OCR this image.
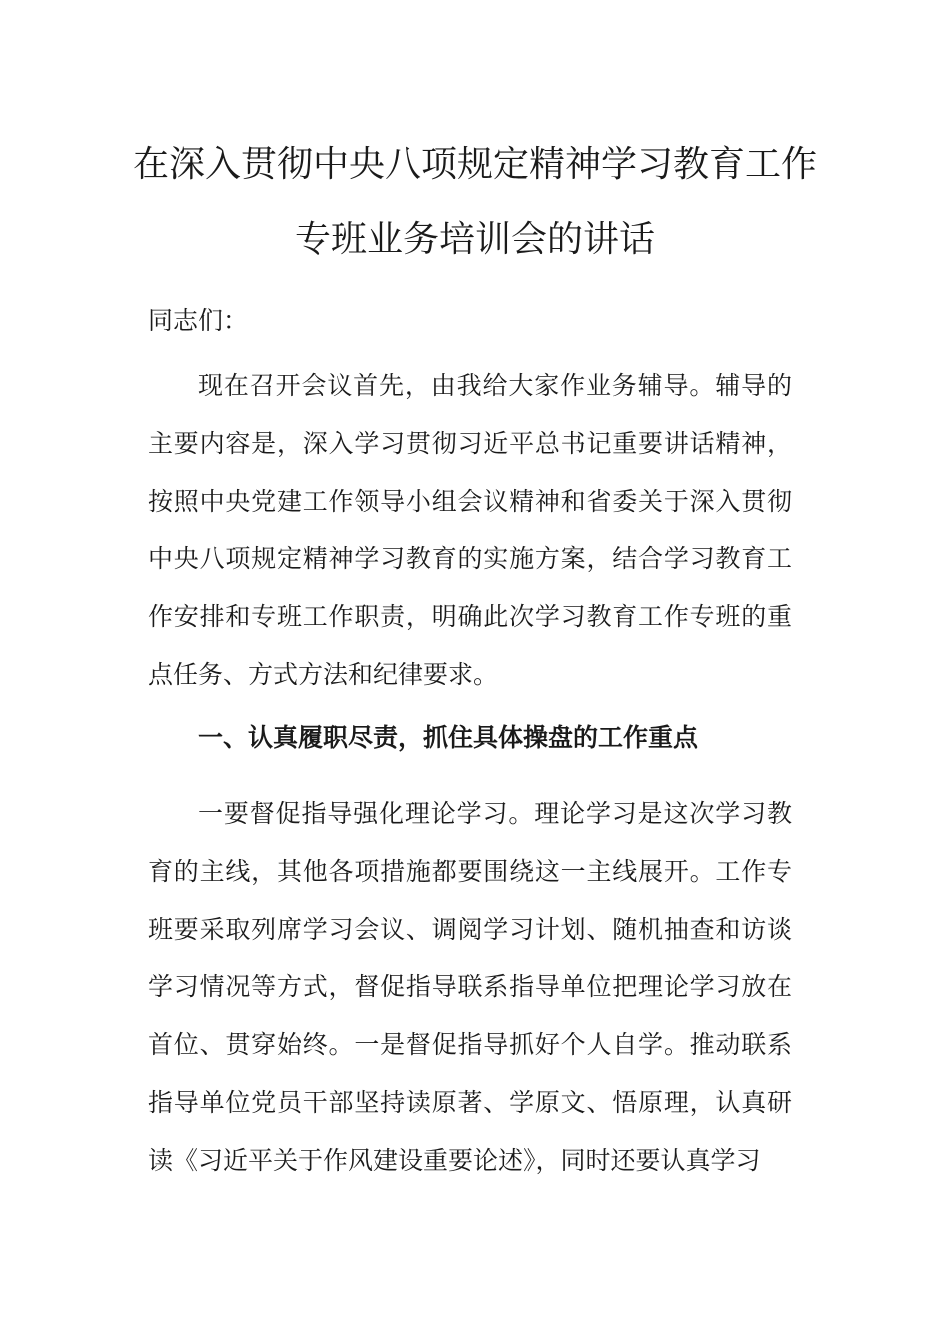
在深入贯彻中央八项规定精神学习教育工作
专班业务培训会的讲话
同志们：

现在召开会议首先，由我给大家作业务辅导。辅导的主要内容是，深入学习贯彻习近平总书记重要讲话精神，按照中央党建工作领导小组会议精神和省委关于深入贯彻中央八项规定精神学习教育的实施方案，结合学习教育工作安排和专班工作职责，明确此次学习教育工作专班的重点任务、方式方法和纪律要求。

一、认真履职尽责，抓住具体操盘的工作重点

一要督促指导强化理论学习。理论学习是这次学习教育的主线，其他各项措施都要围绕这一主线展开。工作专班要采取列席学习会议、调阅学习计划、随机抽查和访谈学习情况等方式，督促指导联系指导单位把理论学习放在首位、贯穿始终。一是督促指导抓好个人自学。推动联系指导单位党员干部坚持读原著、学原文、悟原理，认真研读《习近平关于作风建设重要论述》，同时还要认真学习
